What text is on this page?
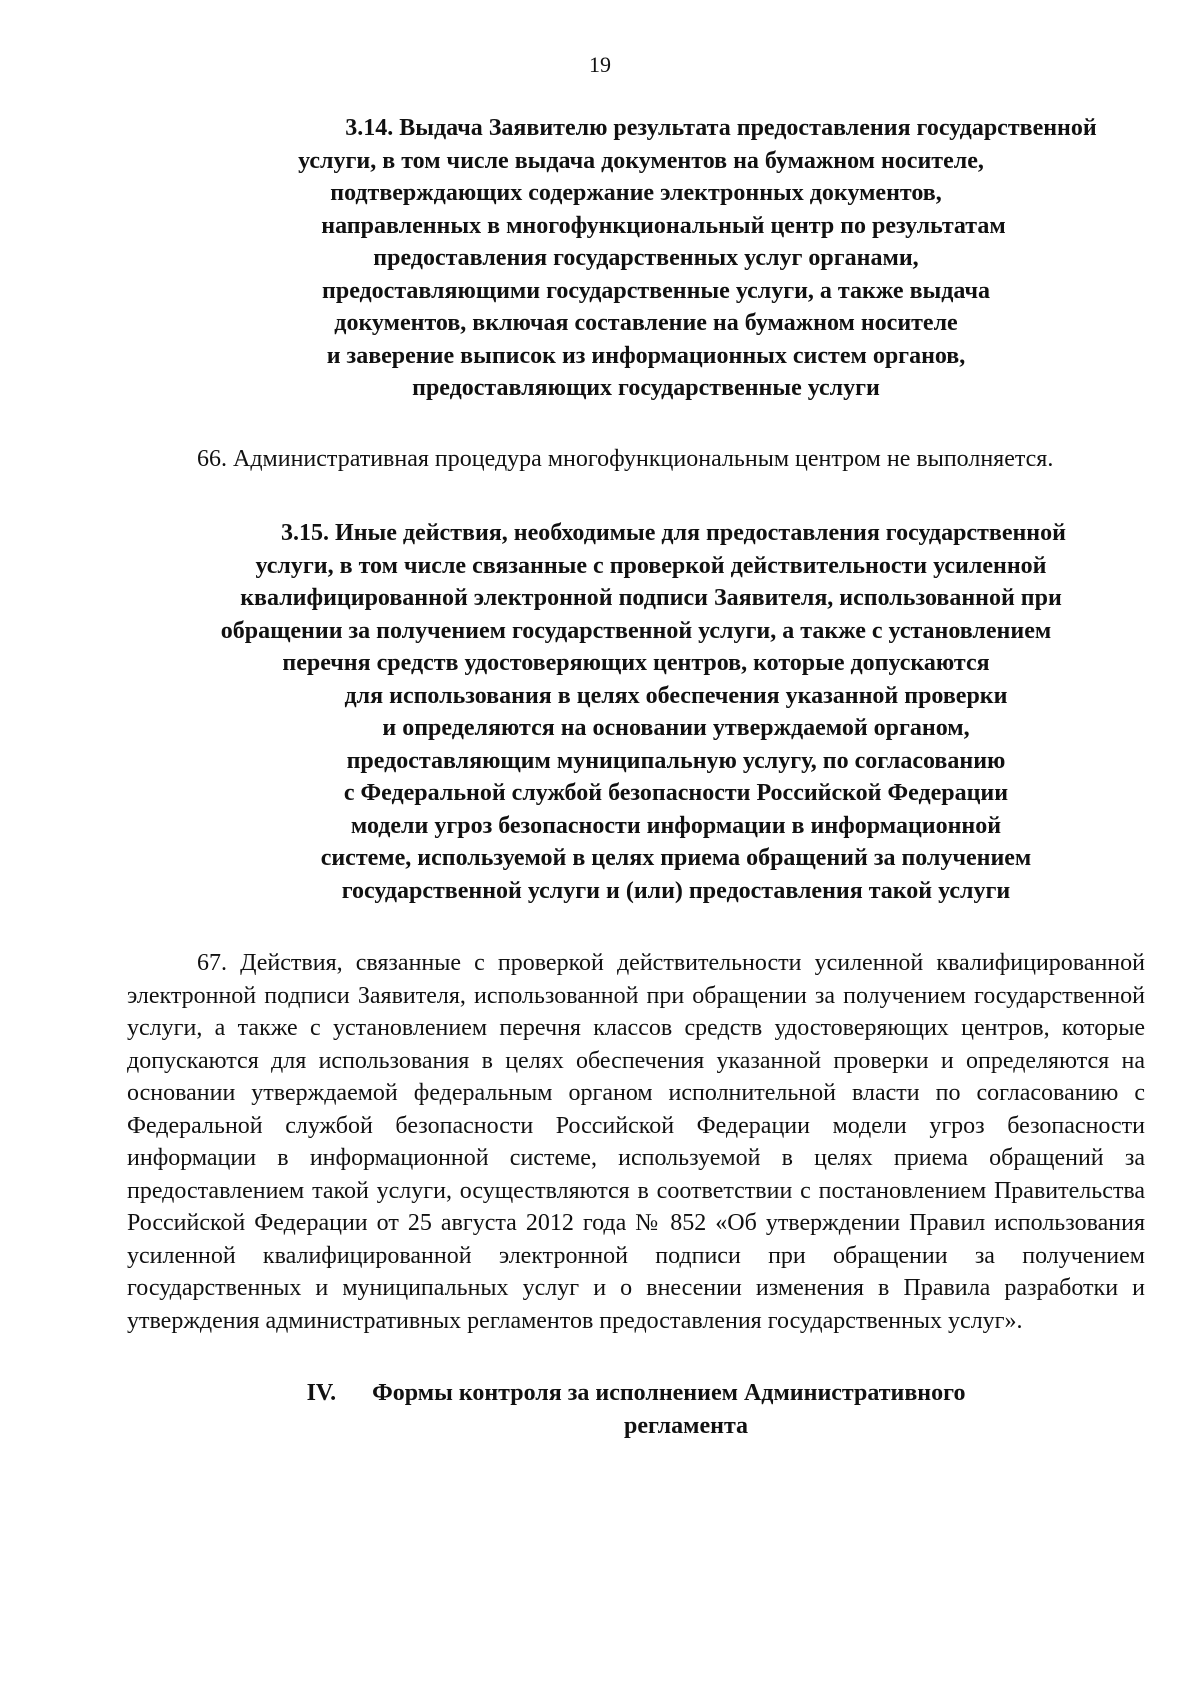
19
3.14. Выдача Заявителю результата предоставления государственной
услуги, в том числе выдача документов на бумажном носителе,
подтверждающих содержание электронных документов,
направленных в многофункциональный центр по результатам
предоставления государственных услуг органами,
предоставляющими государственные услуги, а также выдача
документов, включая составление на бумажном носителе
и заверение выписок из информационных систем органов,
предоставляющих государственные услуги

66. Административная процедура многофункциональным центром не выполняется.

3.15. Иные действия, необходимые для предоставления государственной
услуги, в том числе связанные с проверкой действительности усиленной
квалифицированной электронной подписи Заявителя, использованной при
обращении за получением государственной услуги, а также с установлением
перечня средств удостоверяющих центров, которые допускаются
для использования в целях обеспечения указанной проверки
и определяются на основании утверждаемой органом,
предоставляющим муниципальную услугу, по согласованию
с Федеральной службой безопасности Российской Федерации
модели угроз безопасности информации в информационной
системе, используемой в целях приема обращений за получением
государственной услуги и (или) предоставления такой услуги

67. Действия, связанные с проверкой действительности усиленной квалифицированной электронной подписи Заявителя, использованной при обращении за получением государственной услуги, а также с установлением перечня классов средств удостоверяющих центров, которые допускаются для использования в целях обеспечения указанной проверки и определяются на основании утверждаемой федеральным органом исполнительной власти по согласованию с Федеральной службой безопасности Российской Федерации модели угроз безопасности информации в информационной системе, используемой в целях приема обращений за предоставлением такой услуги, осуществляются в соответствии с постановлением Правительства Российской Федерации от 25 августа 2012 года № 852 «Об утверждении Правил использования усиленной квалифицированной электронной подписи при обращении за получением государственных и муниципальных услуг и о внесении изменения в Правила разработки и утверждения административных регламентов предоставления государственных услуг».

IV. Формы контроля за исполнением Административного
регламента
